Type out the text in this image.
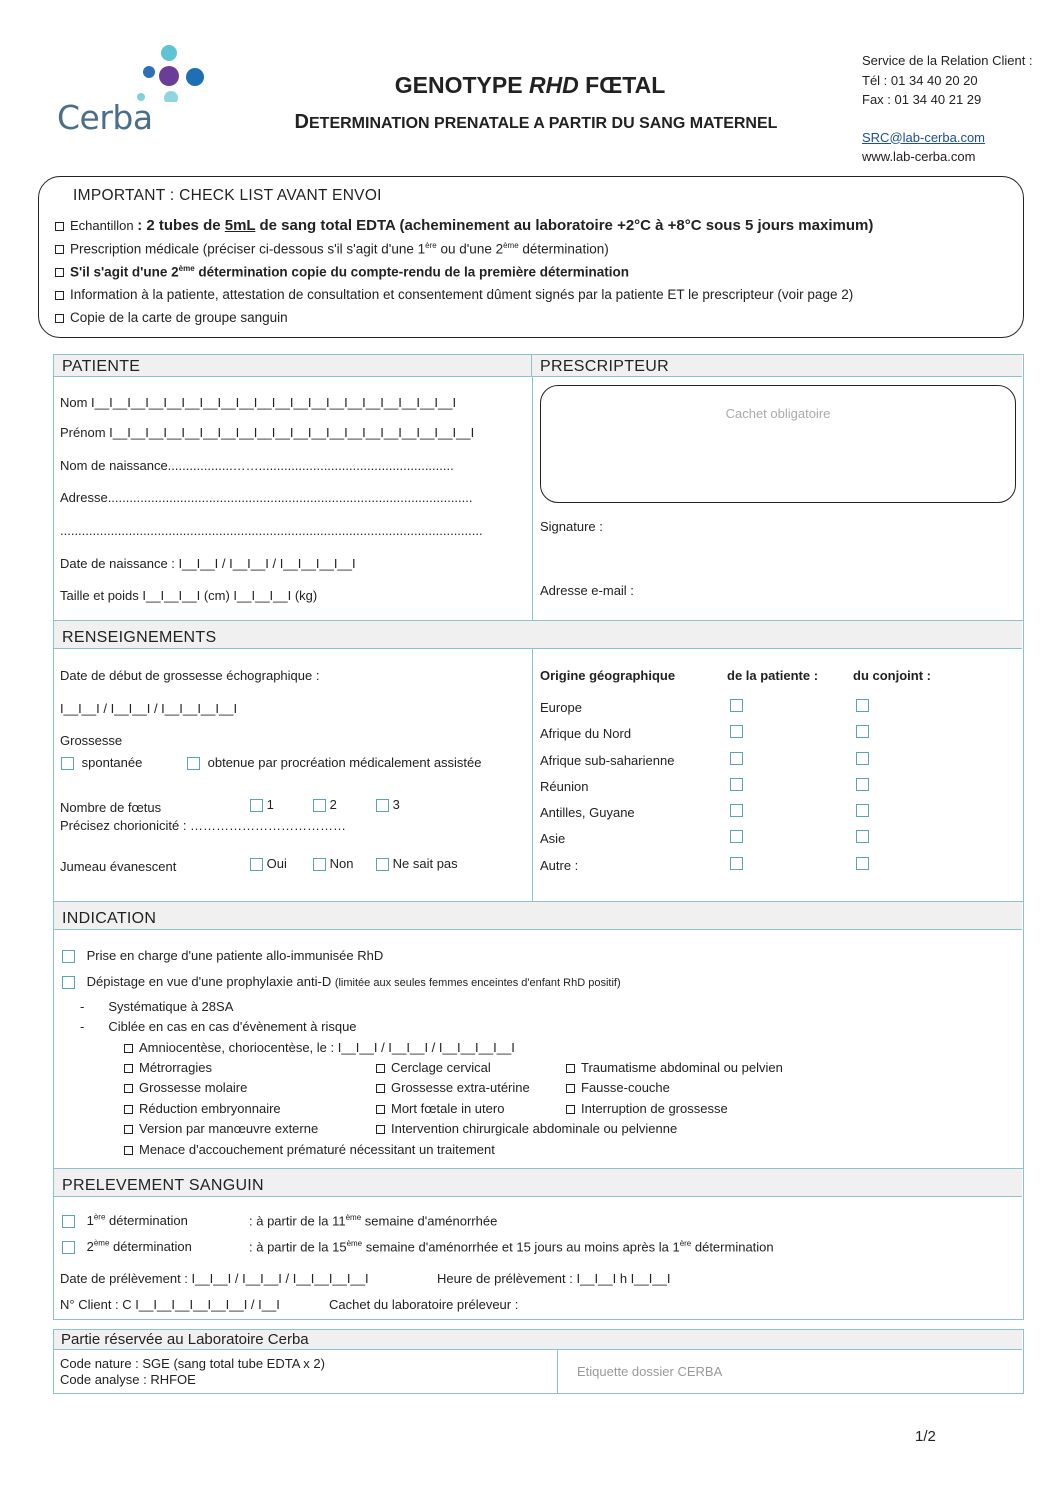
Cerba
GENOTYPE RHD FŒTAL
DETERMINATION PRENATALE A PARTIR DU SANG MATERNEL
Service de la Relation Client :
Tél : 01 34 40 20 20
Fax : 01 34 40 21 29
SRC@lab-cerba.com
www.lab-cerba.com
IMPORTANT : CHECK LIST AVANT ENVOI
Echantillon : 2 tubes de 5mL de sang total EDTA (acheminement au laboratoire +2°C à +8°C sous 5 jours maximum)
Prescription médicale (préciser ci-dessous s'il s'agit d'une 1ère ou d'une 2ème détermination)
S'il s'agit d'une 2ème détermination copie du compte-rendu de la première détermination
Information à la patiente, attestation de consultation et consentement dûment signés par la patiente ET le prescripteur (voir page 2)
Copie de la carte de groupe sanguin
PATIENTE	PRESCRIPTEUR
Nom I__I__I__I__I__I__I__I__I__I__I__I__I__I__I__I__I__I__I__I__I
Prénom I__I__I__I__I__I__I__I__I__I__I__I__I__I__I__I__I__I__I__I__I
Nom de naissance..................……......................................................
Adresse.....................................................................................................
.....................................................................................................................
Date de naissance : I__I__I / I__I__I / I__I__I__I__I
Taille et poids I__I__I__I (cm) I__I__I__I (kg)
Cachet obligatoire
Signature :
Adresse e-mail :
RENSEIGNEMENTS
Date de début de grossesse échographique :
I__I__I / I__I__I / I__I__I__I__I
Grossesse
spontanée	obtenue par procréation médicalement assistée
Nombre de fœtus	1	2	3
Précisez chorionicité : ………………………………
Jumeau évanescent	Oui	Non	Ne sait pas
Origine géographique	de la patiente :	du conjoint :
Europe
Afrique du Nord
Afrique sub-saharienne
Réunion
Antilles, Guyane
Asie
Autre :
INDICATION
Prise en charge d'une patiente allo-immunisée RhD
Dépistage en vue d'une prophylaxie anti-D (limitée aux seules femmes enceintes d'enfant RhD positif)
- Systématique à 28SA
- Ciblée en cas en cas d'évènement à risque
Amniocentèse, choriocentèse, le : I__I__I / I__I__I / I__I__I__I__I
Métrorragies	Cerclage cervical	Traumatisme abdominal ou pelvien
Grossesse molaire	Grossesse extra-utérine	Fausse-couche
Réduction embryonnaire	Mort fœtale in utero	Interruption de grossesse
Version par manœuvre externe	Intervention chirurgicale abdominale ou pelvienne
Menace d'accouchement prématuré nécessitant un traitement
PRELEVEMENT SANGUIN
1ère détermination	: à partir de la 11ème semaine d'aménorrhée
2ème détermination	: à partir de la 15ème semaine d'aménorrhée et 15 jours au moins après la 1ère détermination
Date de prélèvement : I__I__I / I__I__I / I__I__I__I__I	Heure de prélèvement : I__I__I h I__I__I
N° Client : C I__I__I__I__I__I__I / I__I	Cachet du laboratoire préleveur :
Partie réservée au Laboratoire Cerba
Code nature : SGE (sang total tube EDTA x 2)
Code analyse : RHFOE
Etiquette dossier CERBA
1/2
